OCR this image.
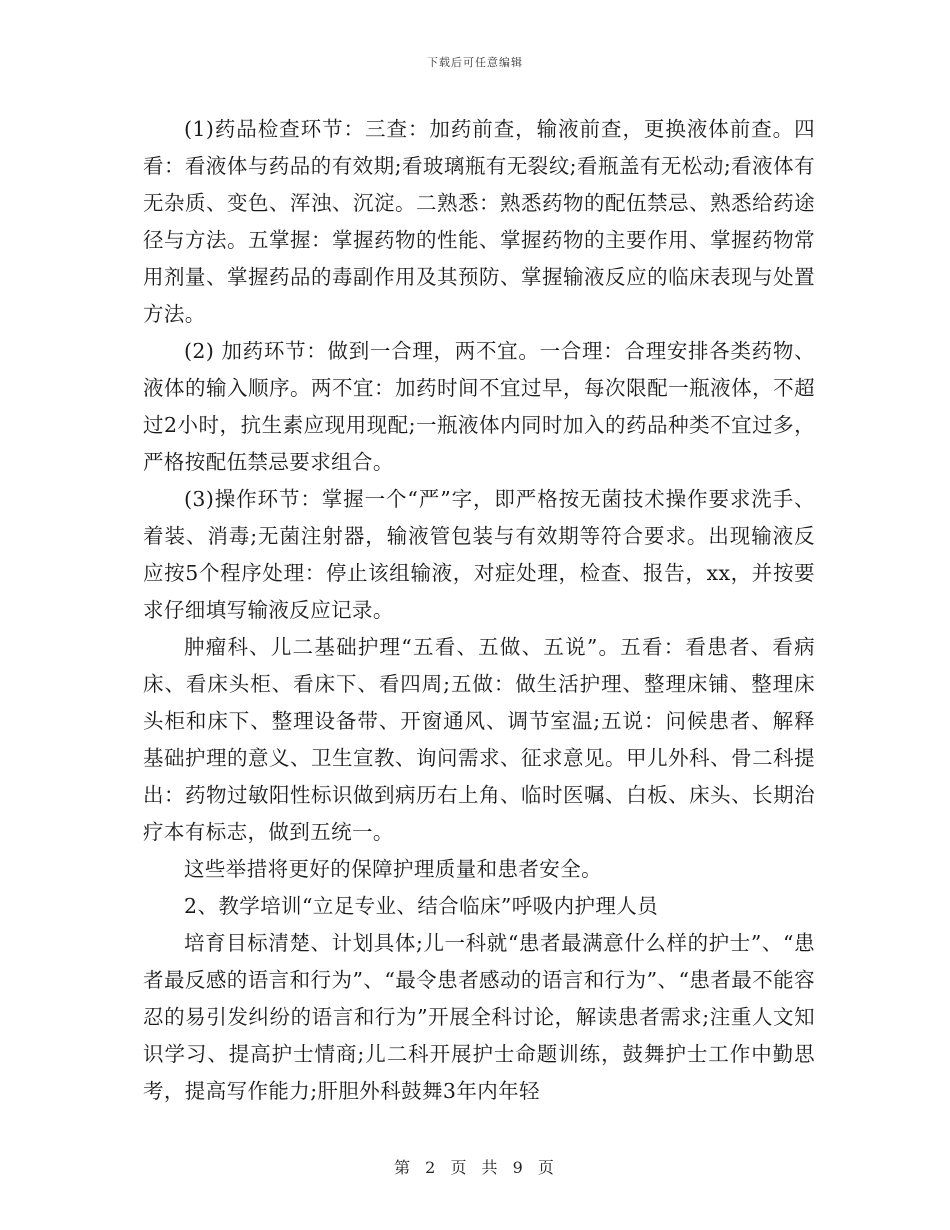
下载后可任意编辑

(1)药品检查环节：三查：加药前查，输液前查，更换液体前查。四看：看液体与药品的有效期;看玻璃瓶有无裂纹;看瓶盖有无松动;看液体有无杂质、变色、浑浊、沉淀。二熟悉：熟悉药物的配伍禁忌、熟悉给药途径与方法。五掌握：掌握药物的性能、掌握药物的主要作用、掌握药物常用剂量、掌握药品的毒副作用及其预防、掌握输液反应的临床表现与处置方法。

(2) 加药环节：做到一合理，两不宜。一合理：合理安排各类药物、液体的输入顺序。两不宜：加药时间不宜过早，每次限配一瓶液体，不超过2小时，抗生素应现用现配;一瓶液体内同时加入的药品种类不宜过多，严格按配伍禁忌要求组合。

(3)操作环节：掌握一个“严”字，即严格按无菌技术操作要求洗手、着装、消毒;无菌注射器，输液管包装与有效期等符合要求。出现输液反应按5个程序处理：停止该组输液，对症处理，检查、报告，xx，并按要求仔细填写输液反应记录。

肿瘤科、儿二基础护理“五看、五做、五说”。五看：看患者、看病床、看床头柜、看床下、看四周;五做：做生活护理、整理床铺、整理床头柜和床下、整理设备带、开窗通风、调节室温;五说：问候患者、解释基础护理的意义、卫生宣教、询问需求、征求意见。甲儿外科、骨二科提出：药物过敏阳性标识做到病历右上角、临时医嘱、白板、床头、长期治疗本有标志，做到五统一。

这些举措将更好的保障护理质量和患者安全。

2、教学培训“立足专业、结合临床”呼吸内护理人员

培育目标清楚、计划具体;儿一科就“患者最满意什么样的护士”、“患者最反感的语言和行为”、“最令患者感动的语言和行为”、“患者最不能容忍的易引发纠纷的语言和行为”开展全科讨论，解读患者需求;注重人文知识学习、提高护士情商;儿二科开展护士命题训练，鼓舞护士工作中勤思考，提高写作能力;肝胆外科鼓舞3年内年轻

第 2 页 共 9 页
